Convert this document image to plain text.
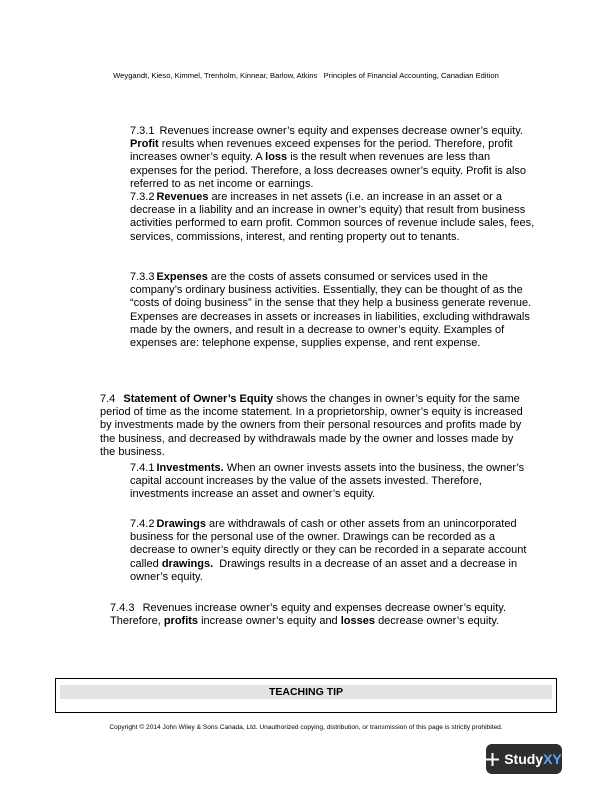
Weygandt, Kieso, Kimmel, Trenholm, Kinnear, Barlow, Atkins Principles of Financial Accounting, Canadian Edition
7.3.1 Revenues increase owner’s equity and expenses decrease owner’s equity.  Profit results when revenues exceed expenses for the period. Therefore, profit increases owner’s equity. A loss is the result when revenues are less than expenses for the period. Therefore, a loss decreases owner’s equity. Profit is also referred to as net income or earnings.
7.3.2 Revenues are increases in net assets (i.e. an increase in an asset or a decrease in a liability and an increase in owner’s equity) that result from business activities performed to earn profit. Common sources of revenue include sales, fees, services, commissions, interest, and renting property out to tenants.
7.3.3 Expenses are the costs of assets consumed or services used in the company’s ordinary business activities. Essentially, they can be thought of as the “costs of doing business” in the sense that they help a business generate revenue. Expenses are decreases in assets or increases in liabilities, excluding withdrawals made by the owners, and result in a decrease to owner’s equity. Examples of expenses are: telephone expense, supplies expense, and rent expense.
7.4 Statement of Owner’s Equity shows the changes in owner’s equity for the same period of time as the income statement. In a proprietorship, owner’s equity is increased by investments made by the owners from their personal resources and profits made by the business, and decreased by withdrawals made by the owner and losses made by the business.
7.4.1 Investments. When an owner invests assets into the business, the owner’s capital account increases by the value of the assets invested. Therefore, investments increase an asset and owner’s equity.
7.4.2 Drawings are withdrawals of cash or other assets from an unincorporated business for the personal use of the owner. Drawings can be recorded as a decrease to owner’s equity directly or they can be recorded in a separate account called drawings. Drawings results in a decrease of an asset and a decrease in owner’s equity.
7.4.3 Revenues increase owner’s equity and expenses decrease owner’s equity. Therefore, profits increase owner’s equity and losses decrease owner’s equity.
TEACHING TIP
Copyright © 2014 John Wiley & Sons Canada, Ltd. Unauthorized copying, distribution, or transmission of this page is strictly prohibited.
Study XY
